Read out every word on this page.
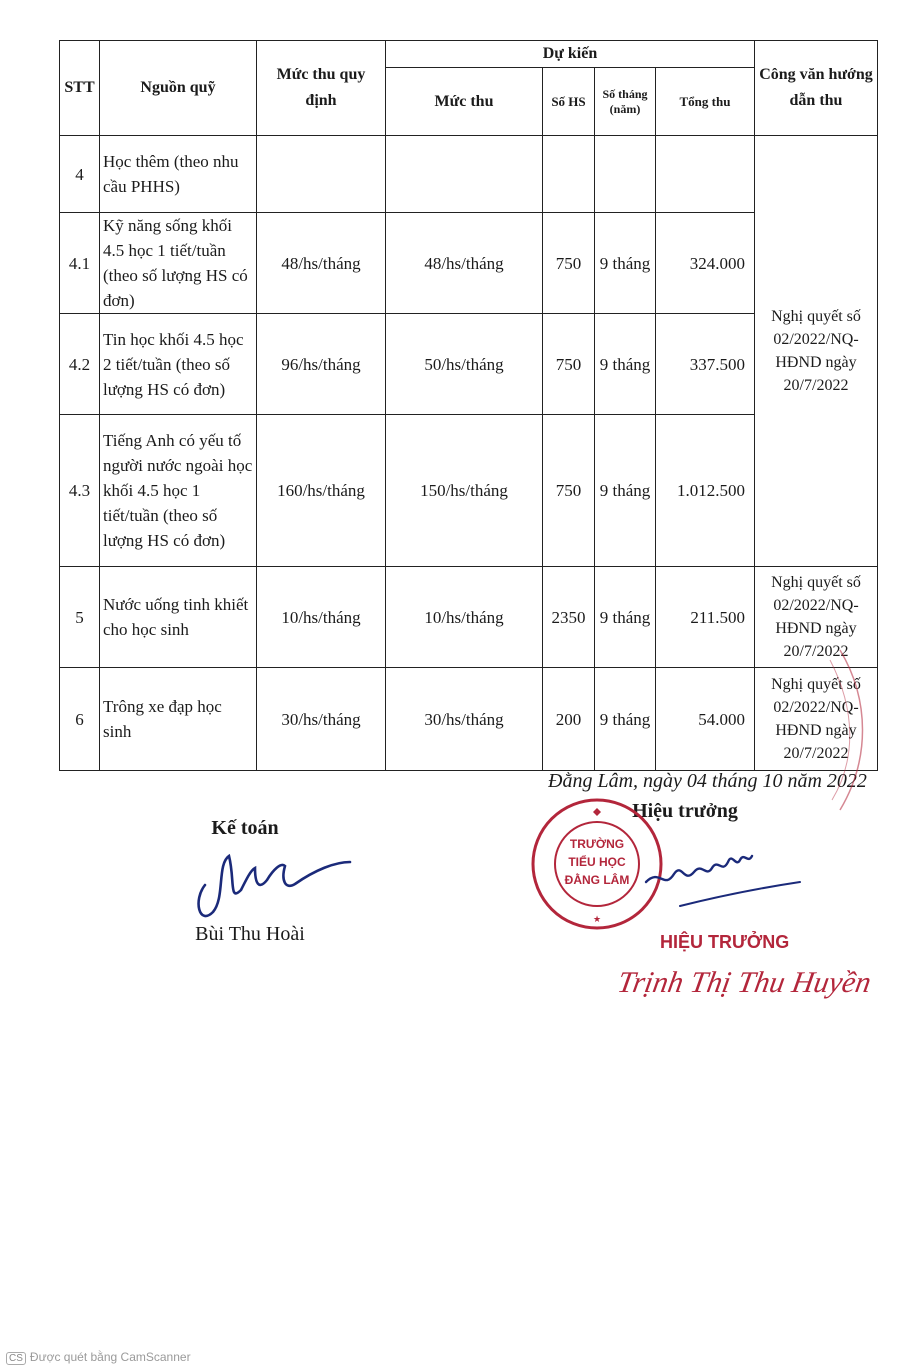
STT	Nguồn quỹ	Mức thu quy định	Dự kiến				Công văn hướng dẫn thu
			Mức thu	Số HS	Số tháng (năm)	Tổng thu	
4	Học thêm (theo nhu cầu PHHS)						Nghị quyết số 02/2022/NQ-HĐND ngày 20/7/2022
4.1	Kỹ năng sống khối 4.5 học 1 tiết/tuần (theo số lượng HS có đơn)	48/hs/tháng	48/hs/tháng	750	9 tháng	324.000	
4.2	Tin học khối 4.5 học 2 tiết/tuần (theo số lượng HS có đơn)	96/hs/tháng	50/hs/tháng	750	9 tháng	337.500	
4.3	Tiếng Anh có yếu tố người nước ngoài học khối 4.5 học 1 tiết/tuần (theo số lượng HS có đơn)	160/hs/tháng	150/hs/tháng	750	9 tháng	1.012.500	
5	Nước uống tinh khiết cho học sinh	10/hs/tháng	10/hs/tháng	2350	9 tháng	211.500	Nghị quyết số 02/2022/NQ-HĐND ngày 20/7/2022
6	Trông xe đạp học sinh	30/hs/tháng	30/hs/tháng	200	9 tháng	54.000	Nghị quyết số 02/2022/NQ-HĐND ngày 20/7/2022
Đằng Lâm, ngày 04 tháng 10 năm 2022
Kế toán
Hiệu trưởng
Bùi Thu Hoài
TRƯỜNG
TIỂU HỌC
ĐẰNG LÂM
★
HIỆU TRƯỞNG
Trịnh Thị Thu Huyền
CS Được quét bằng CamScanner
